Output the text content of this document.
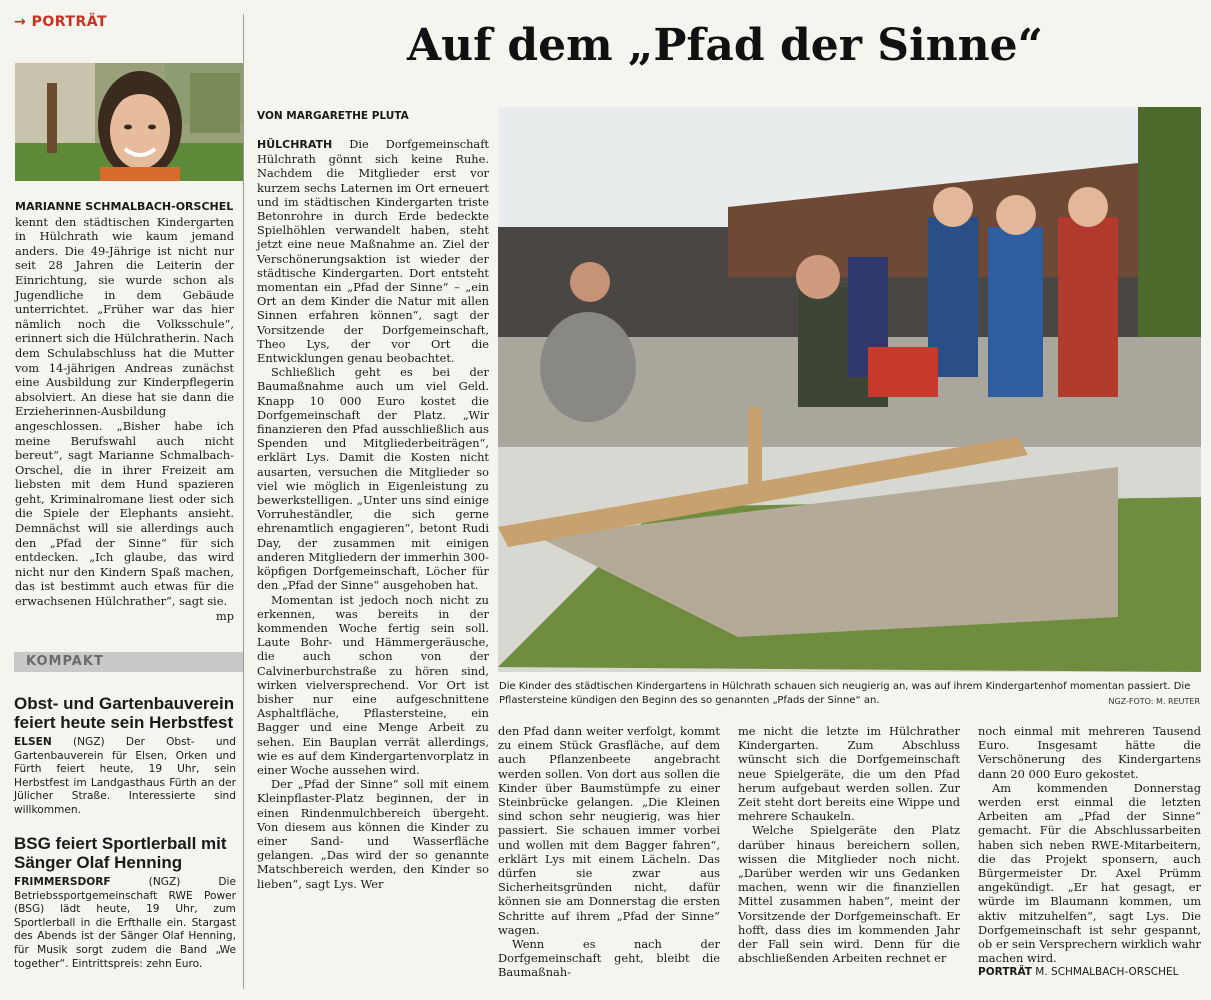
→ PORTRÄT

MARIANNE SCHMALBACH-ORSCHEL

kennt den städtischen Kindergarten in Hülchrath wie kaum jemand anders. Die 49-Jährige ist nicht nur seit 28 Jahren die Leiterin der Einrichtung, sie wurde schon als Jugendliche in dem Gebäude unterrichtet. „Früher war das hier nämlich noch die Volksschule“, erinnert sich die Hülchratherin. Nach dem Schulabschluss hat die Mutter vom 14-jährigen Andreas zunächst eine Ausbildung zur Kinderpflegerin absolviert. An diese hat sie dann die Erzieherinnen-Ausbildung angeschlossen. „Bisher habe ich meine Berufswahl auch nicht bereut“, sagt Marianne Schmalbach-Orschel, die in ihrer Freizeit am liebsten mit dem Hund spazieren geht, Kriminalromane liest oder sich die Spiele der Elephants ansieht. Demnächst will sie allerdings auch den „Pfad der Sinne“ für sich entdecken. „Ich glaube, das wird nicht nur den Kindern Spaß machen, das ist bestimmt auch etwas für die erwachsenen Hülchrather“, sagt sie.
mp

KOMPAKT
Obst- und Gartenbauverein feiert heute sein Herbstfest
ELSEN (NGZ) Der Obst- und Gartenbauverein für Elsen, Orken und Fürth feiert heute, 19 Uhr, sein Herbstfest im Landgasthaus Fürth an der Jülicher Straße. Interessierte sind willkommen.
BSG feiert Sportlerball mit Sänger Olaf Henning
FRIMMERSDORF (NGZ) Die Betriebssportgemeinschaft RWE Power (BSG) lädt heute, 19 Uhr, zum Sportlerball in die Erfthalle ein. Stargast des Abends ist der Sänger Olaf Henning, für Musik sorgt zudem die Band „We together“. Eintrittspreis: zehn Euro.
Auf dem „Pfad der Sinne“
VON MARGARETHE PLUTA

HÜLCHRATH Die Dorfgemeinschaft Hülchrath gönnt sich keine Ruhe. Nachdem die Mitglieder erst vor kurzem sechs Laternen im Ort erneuert und im städtischen Kindergarten triste Betonrohre in durch Erde bedeckte Spielhöhlen verwandelt haben, steht jetzt eine neue Maßnahme an. Ziel der Verschönerungsaktion ist wieder der städtische Kindergarten. Dort entsteht momentan ein „Pfad der Sinne“ – „ein Ort an dem Kinder die Natur mit allen Sinnen erfahren können“, sagt der Vorsitzende der Dorfgemeinschaft, Theo Lys, der vor Ort die Entwicklungen genau beobachtet.

Schließlich geht es bei der Baumaßnahme auch um viel Geld. Knapp 10 000 Euro kostet die Dorfgemeinschaft der Platz. „Wir finanzieren den Pfad ausschließlich aus Spenden und Mitgliederbeiträgen“, erklärt Lys. Damit die Kosten nicht ausarten, versuchen die Mitglieder so viel wie möglich in Eigenleistung zu bewerkstelligen. „Unter uns sind einige Vorruheständler, die sich gerne ehrenamtlich engagieren“, betont Rudi Day, der zusammen mit einigen anderen Mitgliedern der immerhin 300-köpfigen Dorfgemeinschaft, Löcher für den „Pfad der Sinne“ ausgehoben hat.

Momentan ist jedoch noch nicht zu erkennen, was bereits in der kommenden Woche fertig sein soll. Laute Bohr- und Hämmergeräusche, die auch schon von der Calvinerburchstraße zu hören sind, wirken vielversprechend. Vor Ort ist bisher nur eine aufgeschnittene Asphaltfläche, Pflastersteine, ein Bagger und eine Menge Arbeit zu sehen. Ein Bauplan verrät allerdings, wie es auf dem Kindergartenvorplatz in einer Woche aussehen wird.

Der „Pfad der Sinne“ soll mit einem Kleinpflaster-Platz beginnen, der in einen Rindenmulchbereich übergeht. Von diesem aus können die Kinder zu einer Sand- und Wasserfläche gelangen. „Das wird der so genannte Matschbereich werden, den Kinder so lieben“, sagt Lys. Wer

Die Kinder des städtischen Kindergartens in Hülchrath schauen sich neugierig an, was auf ihrem Kindergartenhof momentan passiert. Die Pflastersteine kündigen den Beginn des so genannten „Pfads der Sinne“ an.	NGZ-FOTO: M. REUTER

den Pfad dann weiter verfolgt, kommt zu einem Stück Grasfläche, auf dem auch Pflanzenbeete angebracht werden sollen. Von dort aus sollen die Kinder über Baumstümpfe zu einer Steinbrücke gelangen. „Die Kleinen sind schon sehr neugierig, was hier passiert. Sie schauen immer vorbei und wollen mit dem Bagger fahren“, erklärt Lys mit einem Lächeln. Das dürfen sie zwar aus Sicherheitsgründen nicht, dafür können sie am Donnerstag die ersten Schritte auf ihrem „Pfad der Sinne“ wagen.

Wenn es nach der Dorfgemeinschaft geht, bleibt die Baumaßnah-

me nicht die letzte im Hülchrather Kindergarten. Zum Abschluss wünscht sich die Dorfgemeinschaft neue Spielgeräte, die um den Pfad herum aufgebaut werden sollen. Zur Zeit steht dort bereits eine Wippe und mehrere Schaukeln.

Welche Spielgeräte den Platz darüber hinaus bereichern sollen, wissen die Mitglieder noch nicht. „Darüber werden wir uns Gedanken machen, wenn wir die finanziellen Mittel zusammen haben“, meint der Vorsitzende der Dorfgemeinschaft. Er hofft, dass dies im kommenden Jahr der Fall sein wird. Denn für die abschließenden Arbeiten rechnet er

noch einmal mit mehreren Tausend Euro. Insgesamt hätte die Verschönerung des Kindergartens dann 20 000 Euro gekostet.

Am kommenden Donnerstag werden erst einmal die letzten Arbeiten am „Pfad der Sinne“ gemacht. Für die Abschlussarbeiten haben sich neben RWE-Mitarbeitern, die das Projekt sponsern, auch Bürgermeister Dr. Axel Prümm angekündigt. „Er hat gesagt, er würde im Blaumann kommen, um aktiv mitzuhelfen“, sagt Lys. Die Dorfgemeinschaft ist sehr gespannt, ob er sein Versprechern wirklich wahr machen wird.

PORTRÄT M. SCHMALBACH-ORSCHEL
